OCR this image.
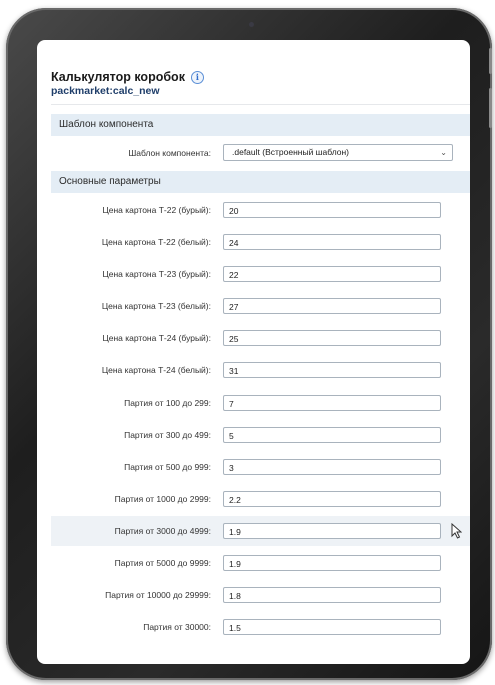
Калькулятор коробок	i
packmarket:calc_new
Шаблон компонента
Шаблон компонента:	.default (Встроенный шаблон)	⌄
Основные параметры
Цена картона Т-22 (бурый):	20
Цена картона Т-22 (белый):	24
Цена картона Т-23 (бурый):	22
Цена картона Т-23 (белый):	27
Цена картона Т-24 (бурый):	25
Цена картона Т-24 (белый):	31
Партия от 100 до 299:	7
Партия от 300 до 499:	5
Партия от 500 до 999:	3
Партия от 1000 до 2999:	2.2
Партия от 3000 до 4999:	1.9
Партия от 5000 до 9999:	1.9
Партия от 10000 до 29999:	1.8
Партия от 30000:	1.5
